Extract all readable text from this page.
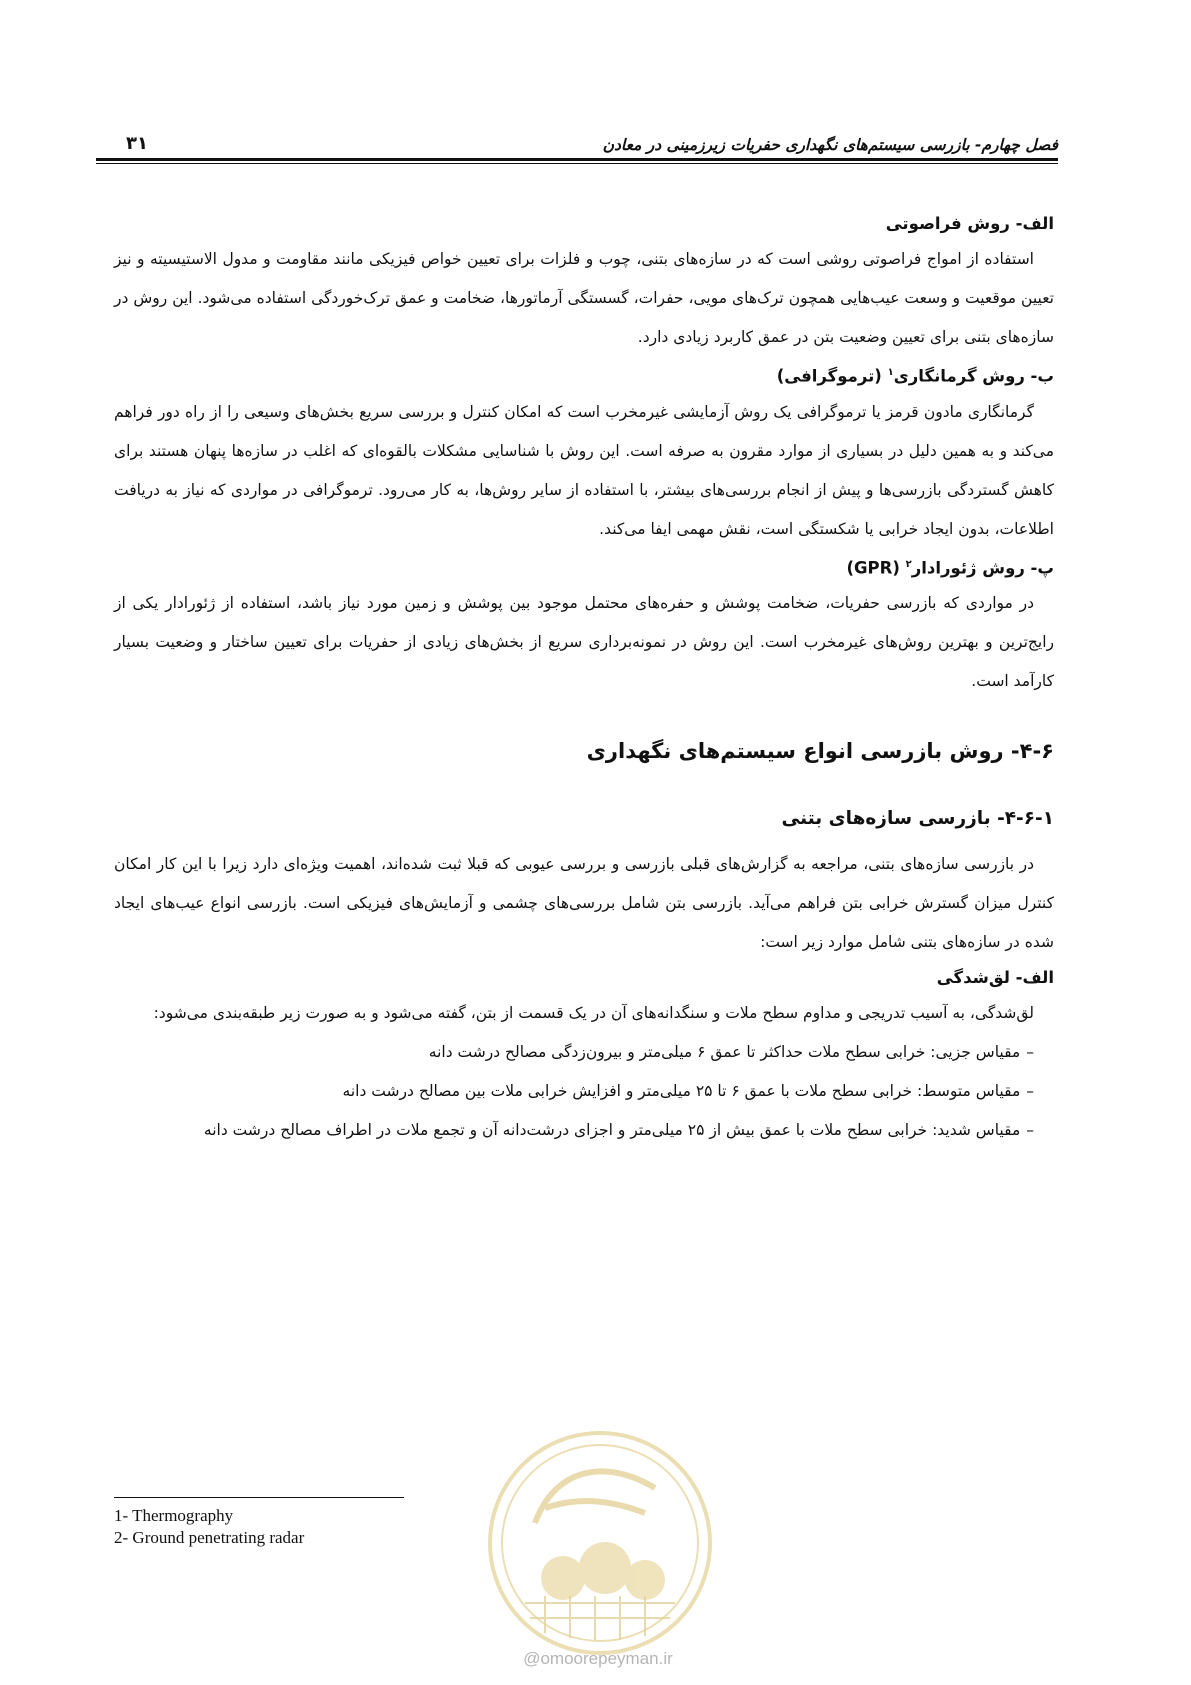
۳۱	فصل چهارم- بازرسی سیستم‌های نگهداری حفریات زیرزمینی در معادن

الف- روش فراصوتی

استفاده از امواج فراصوتی روشی است که در سازه‌های بتنی، چوب و فلزات برای تعیین خواص فیزیکی مانند مقاومت و مدول الاستیسیته و نیز تعیین موقعیت و وسعت عیب‌هایی همچون ترک‌های مویی، حفرات، گسستگی آرماتورها، ضخامت و عمق ترک‌خوردگی استفاده می‌شود. این روش در سازه‌های بتنی برای تعیین وضعیت بتن در عمق کاربرد زیادی دارد.

ب- روش گرمانگاری$^۱$ (ترموگرافی)

گرمانگاری مادون قرمز یا ترموگرافی یک روش آزمایشی غیرمخرب است که امکان کنترل و بررسی سریع بخش‌های وسیعی را از راه دور فراهم می‌کند و به همین دلیل در بسیاری از موارد مقرون به صرفه است. این روش با شناسایی مشکلات بالقوه‌ای که اغلب در سازه‌ها پنهان هستند برای کاهش گستردگی بازرسی‌ها و پیش از انجام بررسی‌های بیشتر، با استفاده از سایر روش‌ها، به کار می‌رود. ترموگرافی در مواردی که نیاز به دریافت اطلاعات، بدون ایجاد خرابی یا شکستگی است، نقش مهمی ایفا می‌کند.

پ- روش ژئورادار$^۲$ (GPR)

در مواردی که بازرسی حفریات، ضخامت پوشش و حفره‌های محتمل موجود بین پوشش و زمین مورد نیاز باشد، استفاده از ژئورادار یکی از رایج‌ترین و بهترین روش‌های غیرمخرب است. این روش در نمونه‌برداری سریع از بخش‌های زیادی از حفریات برای تعیین ساختار و وضعیت بسیار کارآمد است.

۴-۶- روش بازرسی انواع سیستم‌های نگهداری

۴-۶-۱- بازرسی سازه‌های بتنی

در بازرسی سازه‌های بتنی، مراجعه به گزارش‌های قبلی بازرسی و بررسی عیوبی که قبلا ثبت شده‌اند، اهمیت ویژه‌ای دارد زیرا با این کار امکان کنترل میزان گسترش خرابی بتن فراهم می‌آید. بازرسی بتن شامل بررسی‌های چشمی و آزمایش‌های فیزیکی است. بازرسی انواع عیب‌های ایجاد شده در سازه‌های بتنی شامل موارد زیر است:

الف- لق‌شدگی

لق‌شدگی، به آسیب تدریجی و مداوم سطح ملات و سنگدانه‌های آن در یک قسمت از بتن، گفته می‌شود و به صورت زیر طبقه‌بندی می‌شود:

–مقیاس جزیی: خرابی سطح ملات حداکثر تا عمق ۶ میلی‌متر و بیرون‌زدگی مصالح درشت دانه

–مقیاس متوسط: خرابی سطح ملات با عمق ۶ تا ۲۵ میلی‌متر و افزایش خرابی ملات بین مصالح درشت دانه

–مقیاس شدید: خرابی سطح ملات با عمق بیش از ۲۵ میلی‌متر و اجزای درشت‌دانه آن و تجمع ملات در اطراف مصالح درشت دانه

@omoorepeyman.ir
1- Thermography
2- Ground penetrating radar
